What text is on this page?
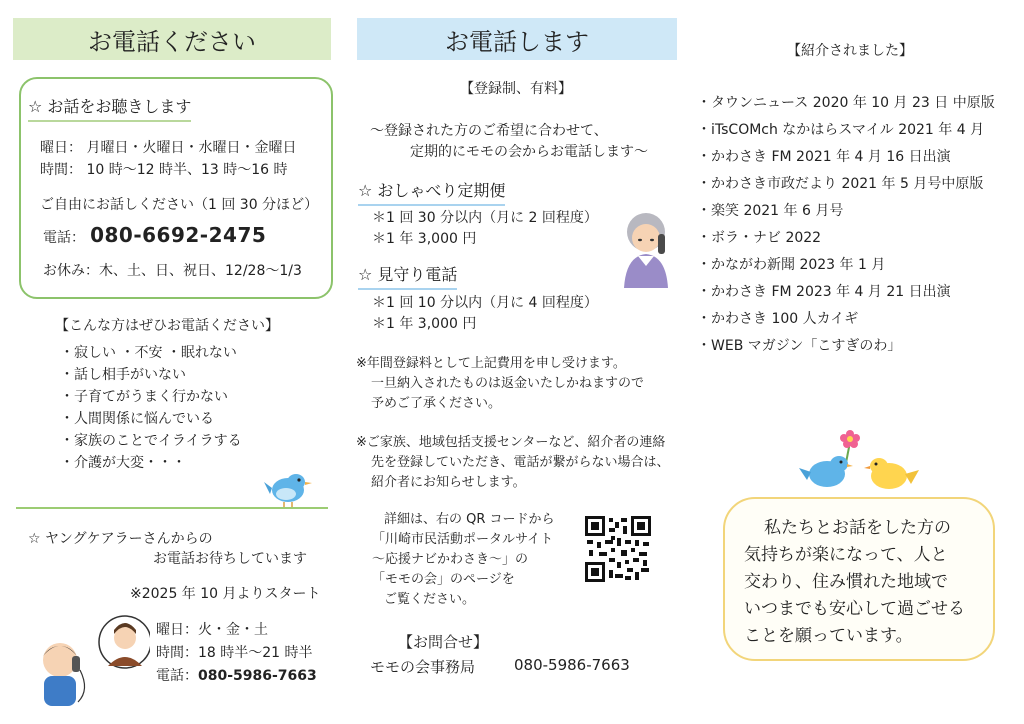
お電話ください
☆ お話をお聴きします
曜日： 月曜日・火曜日・水曜日・金曜日
時間： 10 時～12 時半、13 時～16 時
ご自由にお話しください（1 回 30 分ほど）
電話： 080-6692-2475
お休み：木、土、日、祝日、12/28～1/3
【こんな方はぜひお電話ください】
・寂しい ・不安 ・眠れない
・話し相手がいない
・子育てがうまく行かない
・人間関係に悩んでいる
・家族のことでイライラする
・介護が大変・・・
☆ ヤングケアラーさんからの
お電話お待ちしています
※2025 年 10 月よりスタート
曜日：火・金・土
時間：18 時半～21 時半
電話：080-5986-7663
お電話します
【登録制、有料】
～登録された方のご希望に合わせて、
定期的にモモの会からお電話します～
☆ おしゃべり定期便
＊1 回 30 分以内（月に 2 回程度）
＊1 年 3,000 円
☆ 見守り電話
＊1 回 10 分以内（月に 4 回程度）
＊1 年 3,000 円
※年間登録料として上記費用を申し受けます。
一旦納入されたものは返金いたしかねますので
予めご了承ください。
※ご家族、地域包括支援センターなど、紹介者の連絡
先を登録していただき、電話が繋がらない場合は、
紹介者にお知らせします。
詳細は、右の QR コードから
「川崎市民活動ポータルサイト
～応援ナビかわさき～」の
「モモの会」のページを
ご覧ください。
【お問合せ】
モモの会事務局	080-5986-7663
【紹介されました】
・タウンニュース 2020 年 10 月 23 日 中原版
・iTsCOMch なかはらスマイル 2021 年 4 月
・かわさき FM 2021 年 4 月 16 日出演
・かわさき市政だより 2021 年 5 月号中原版
・楽笑 2021 年 6 月号
・ボラ・ナビ 2022
・かながわ新聞 2023 年 1 月
・かわさき FM 2023 年 4 月 21 日出演
・かわさき 100 人カイギ
・WEB マガジン「こすぎのわ」
私たちとお話をした方の
気持ちが楽になって、人と
交わり、住み慣れた地域で
いつまでも安心して過ごせる
ことを願っています。
